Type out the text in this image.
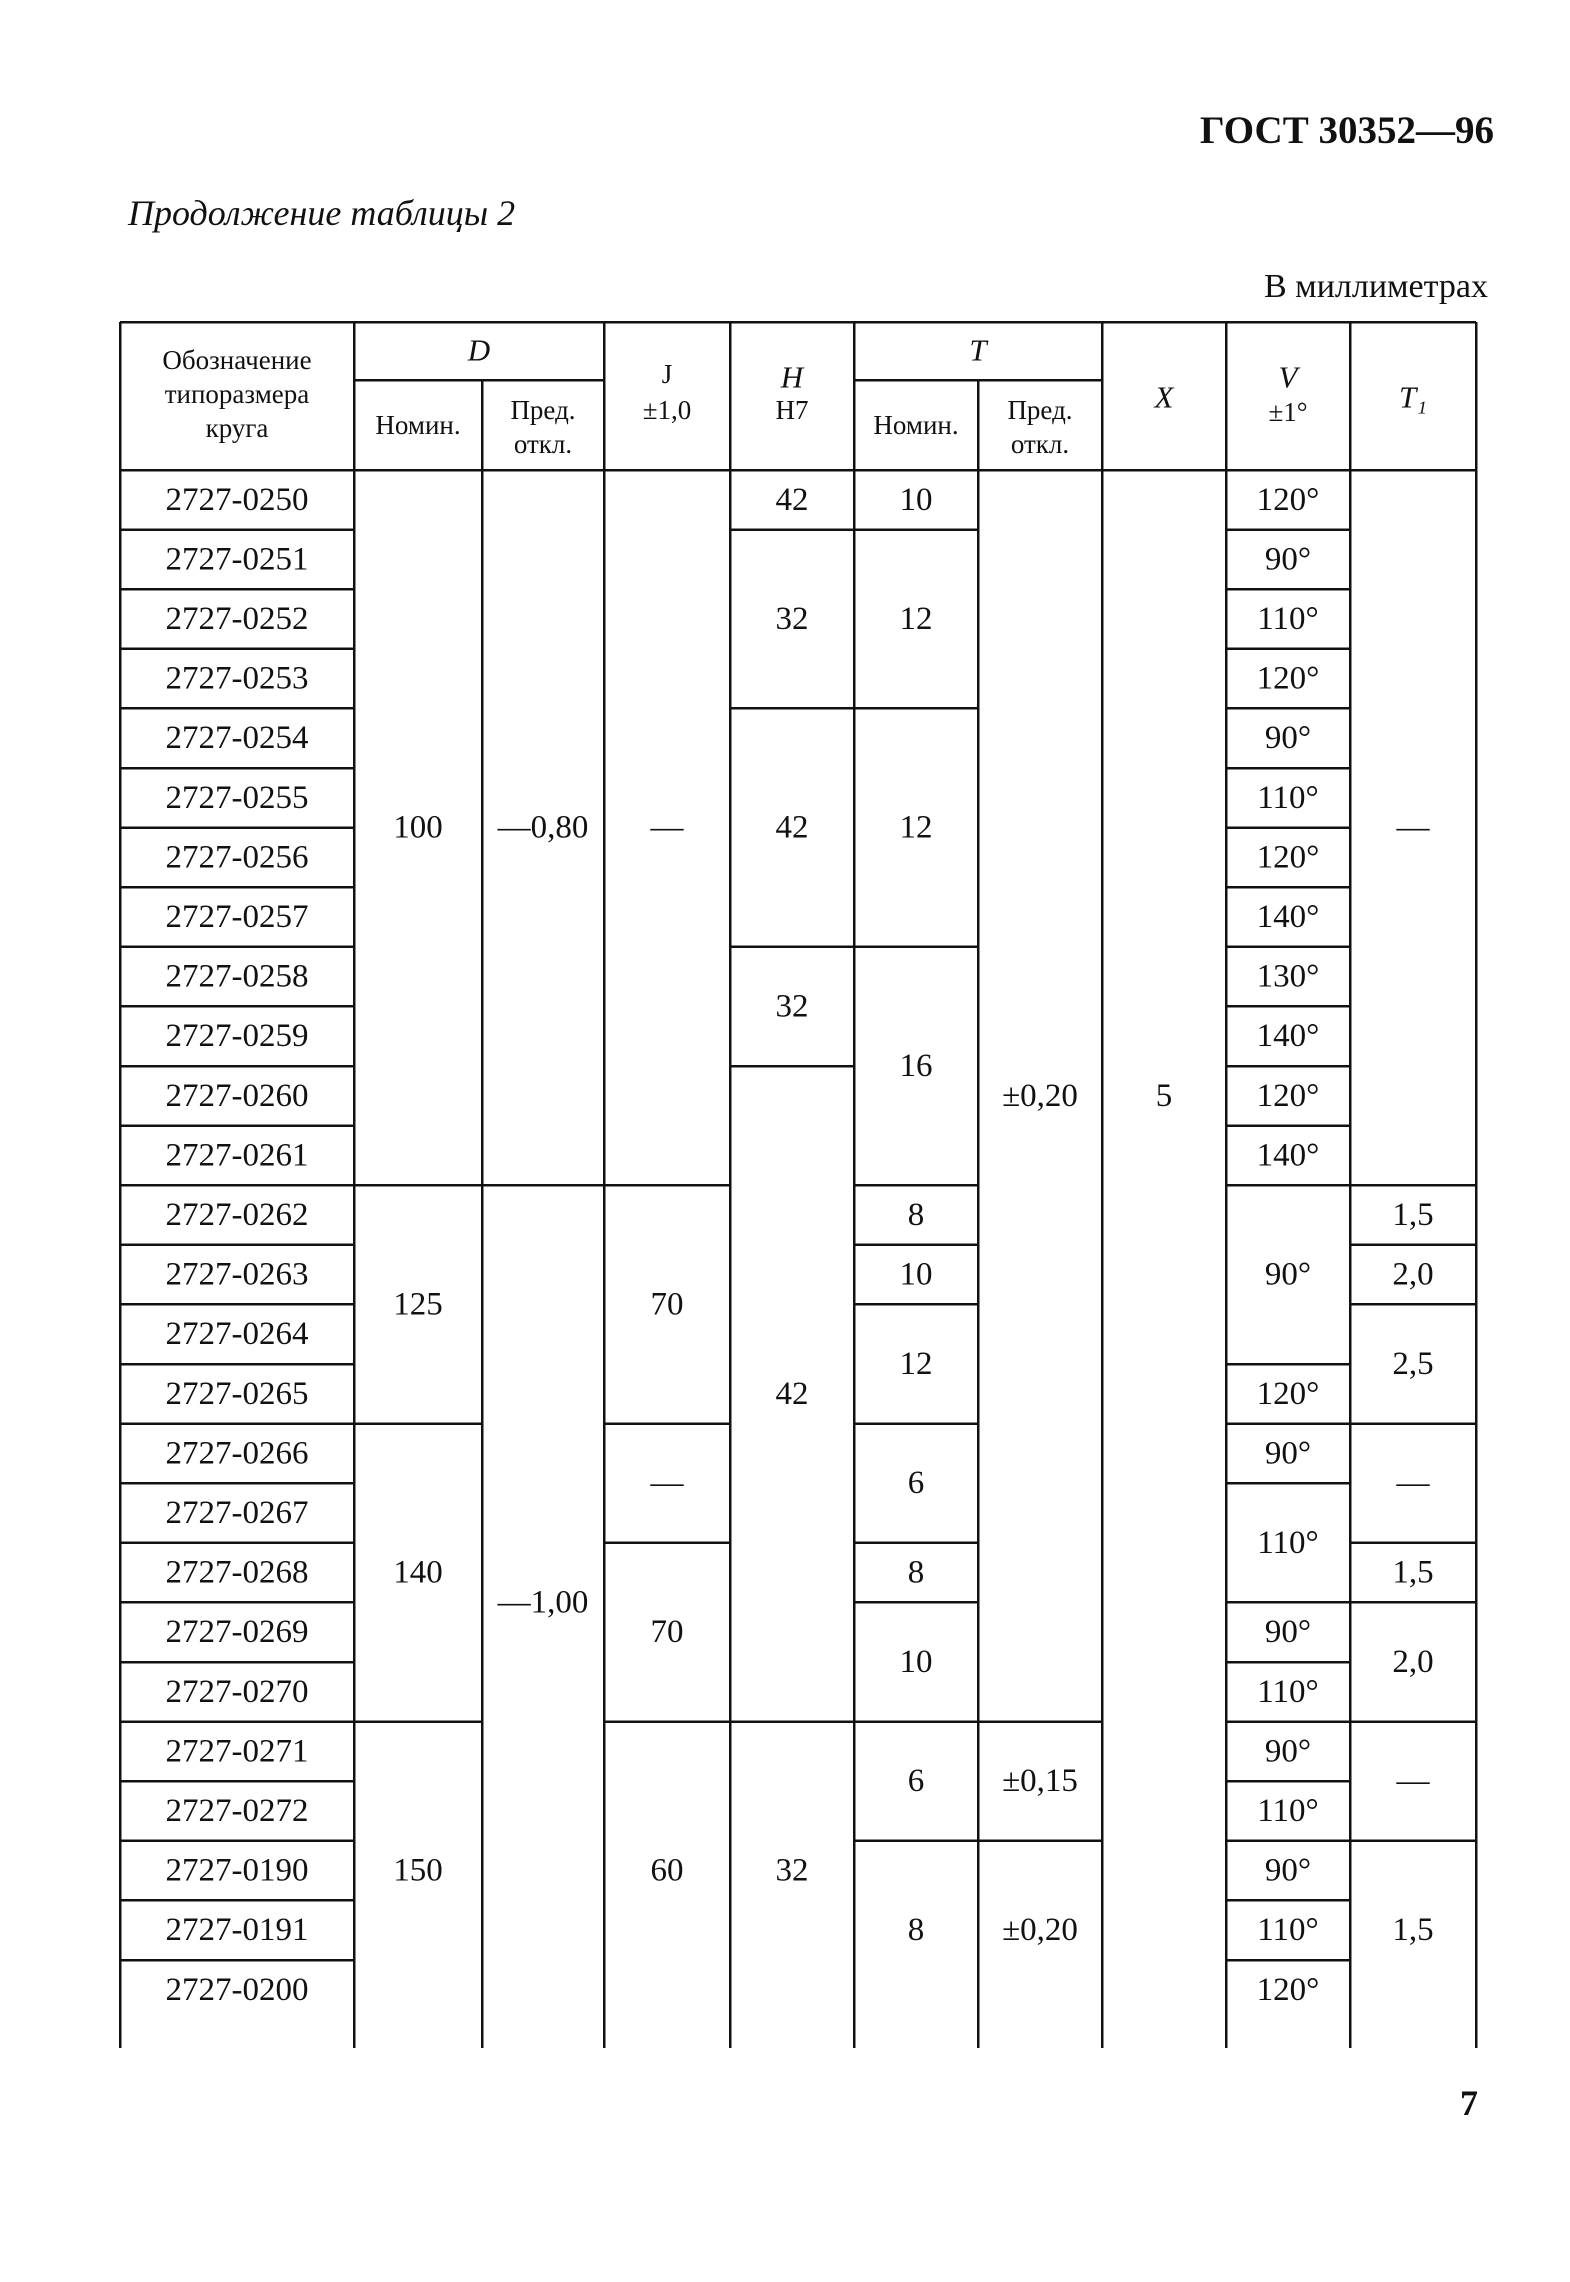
ГОСТ 30352—96
Продолжение таблицы 2
В миллиметрах
Обозначение
типоразмера
круга
D
Номин. Пред.
откл.
J
±1,0
H
H7
T
Номин. Пред.
откл.
X
V
±1°	T₁
2727-0250
2727-0251
2727-0252
2727-0253
2727-0254
2727-0255
2727-0256
2727-0257
2727-0258
2727-0259
2727-0260
2727-0261
2727-0262
2727-0263
2727-0264
2727-0265
2727-0266
2727-0267
2727-0268
2727-0269
2727-0270
2727-0271
2727-0272
2727-0190
2727-0191
2727-0200
100
125
140
150
—0,80
—1,00
—
70
—
70
60
42
32
42
32
42
32
10
12
12
16
8
10
12
6
8
10
6
8
±0,20
±0,15
±0,20
5
120°
90°
110°
120°
90°
110°
120°
140°
130°
140°
120°
140°
90°
120°
90°
110°
90°
110°
90°
110°
90°
110°
120°
—
1,5
2,0
2,5
—
1,5
2,0
—
1,5
7
